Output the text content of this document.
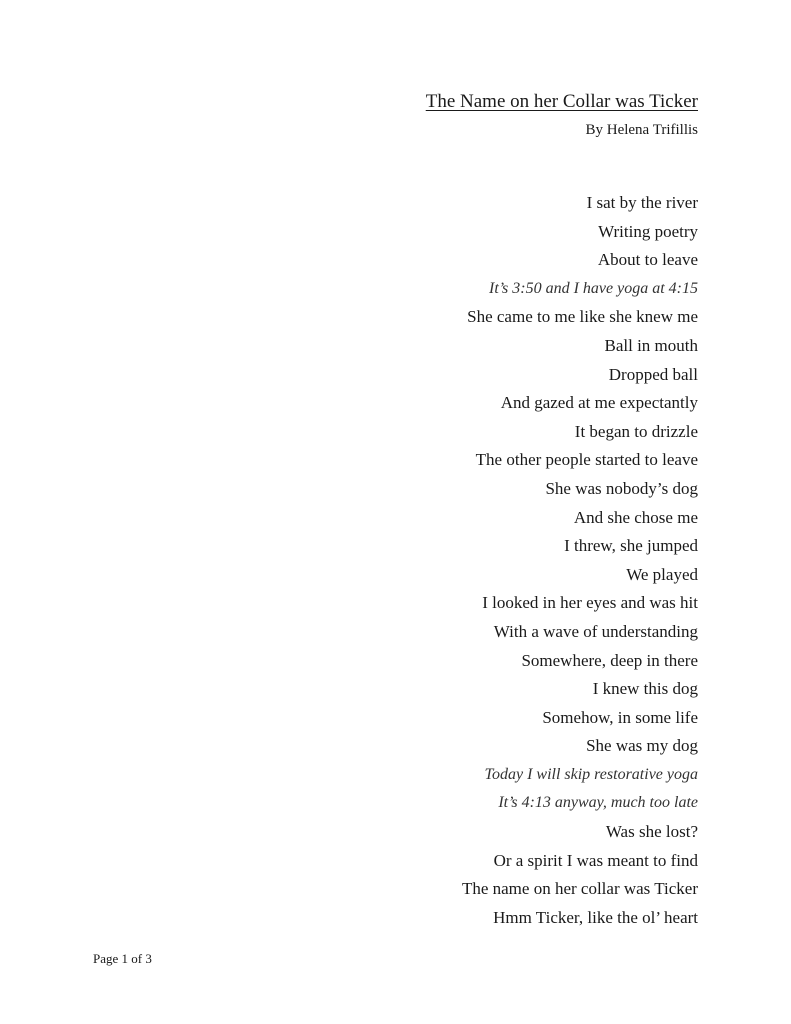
The Name on her Collar was Ticker
By Helena Trifillis
I sat by the river
Writing poetry
About to leave
It’s 3:50 and I have yoga at 4:15
She came to me like she knew me
Ball in mouth
Dropped ball
And gazed at me expectantly
It began to drizzle
The other people started to leave
She was nobody’s dog
And she chose me
I threw, she jumped
We played
I looked in her eyes and was hit
With a wave of understanding
Somewhere, deep in there
I knew this dog
Somehow, in some life
She was my dog
Today I will skip restorative yoga
It’s 4:13 anyway, much too late
Was she lost?
Or a spirit I was meant to find
The name on her collar was Ticker
Hmm Ticker, like the ol’ heart
Page 1 of 3
